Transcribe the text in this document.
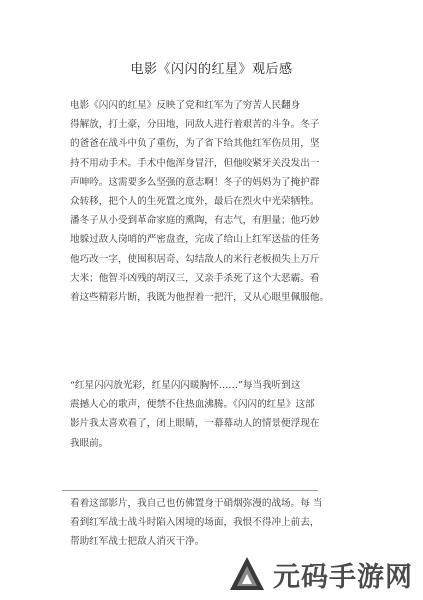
电影《闪闪的红星》观后感
电影《闪闪的红星》反映了党和红军为了穷苦人民翻身
得解放，打土豪，分田地，同敌人进行着艰苦的斗争。冬子
的爸爸在战斗中负了重伤，为了省下给其他红军伤员用，坚
持不用动手术。手术中他浑身冒汗，但他咬紧牙关没发出一
声呻吟。这需要多么坚强的意志啊！冬子的妈妈为了掩护群
众转移，把个人的生死置之度外，最后在烈火中光荣牺牲。
潘冬子从小受到革命家庭的熏陶，有志气，有胆量；他巧妙
地躲过敌人岗哨的严密盘查，完成了给山上红军送盐的任务
他巧改一字，使囤积居奇、勾结敌人的米行老板损失上万斤
大米；他智斗凶残的胡汉三，又亲手杀死了这个大恶霸。看
着这些精彩片断，我既为他捏着一把汗，又从心眼里佩服他。
“红星闪闪放光彩，红星闪闪暖胸怀……”每当我听到这
震撼人心的歌声，便禁不住热血沸腾。《闪闪的红星》这部
影片我太喜欢看了，闭上眼睛，一幕幕动人的情景便浮现在
我眼前。
看着这部影片，我自己也仿佛置身于硝烟弥漫的战场。每 当
看到红军战士战斗时陷入困境的场面，我恨不得冲上前去，
帮助红军战士把敌人消灭干净。
元码手游网
